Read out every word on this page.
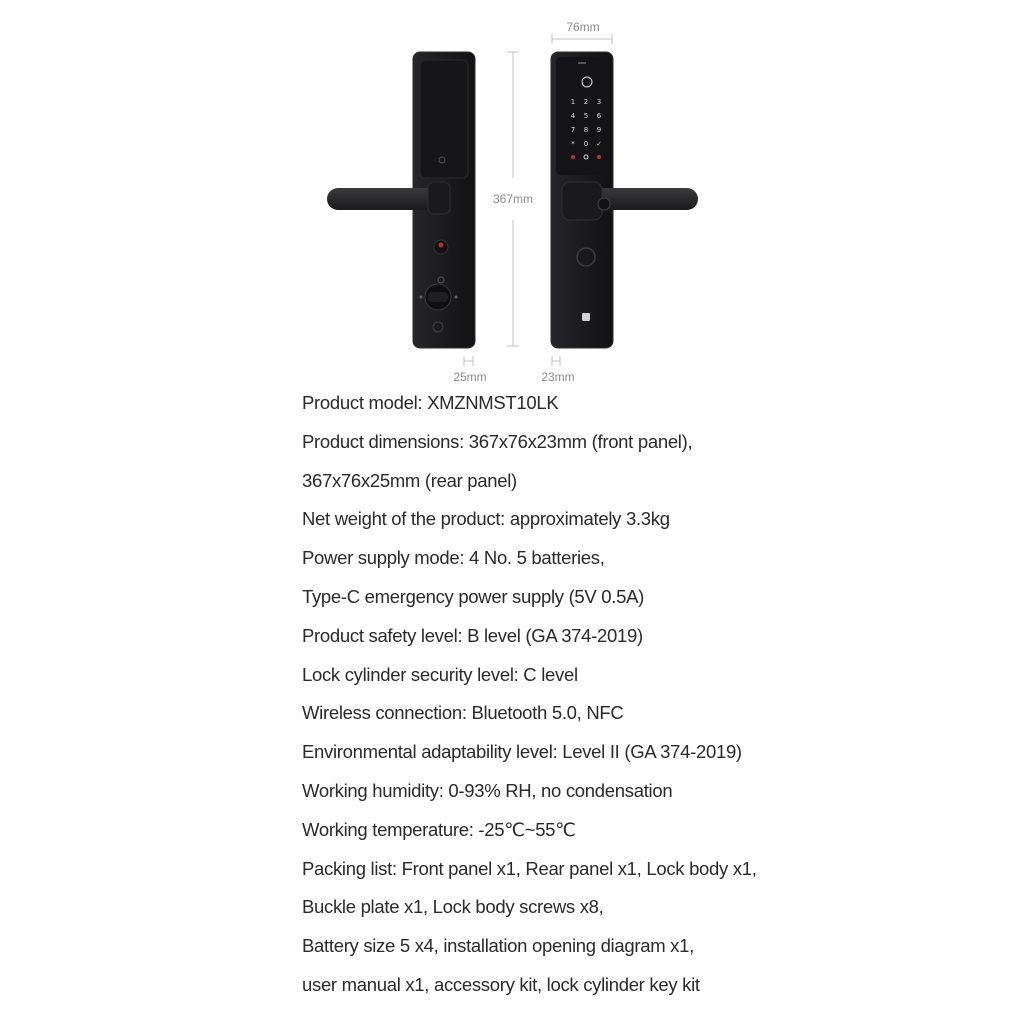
1 2 3
4 5 6
7 8 9
* 0 ✓
76mm
367mm
25mm	23mm
Product model: XMZNMST10LK
Product dimensions: 367x76x23mm (front panel),
367x76x25mm (rear panel)
Net weight of the product: approximately 3.3kg
Power supply mode: 4 No. 5 batteries,
Type-C emergency power supply (5V 0.5A)
Product safety level: B level (GA 374-2019)
Lock cylinder security level: C level
Wireless connection: Bluetooth 5.0, NFC
Environmental adaptability level: Level II (GA 374-2019)
Working humidity: 0-93% RH, no condensation
Working temperature: -25℃~55℃
Packing list: Front panel x1, Rear panel x1, Lock body x1,
Buckle plate x1, Lock body screws x8,
Battery size 5 x4, installation opening diagram x1,
user manual x1, accessory kit, lock cylinder key kit
